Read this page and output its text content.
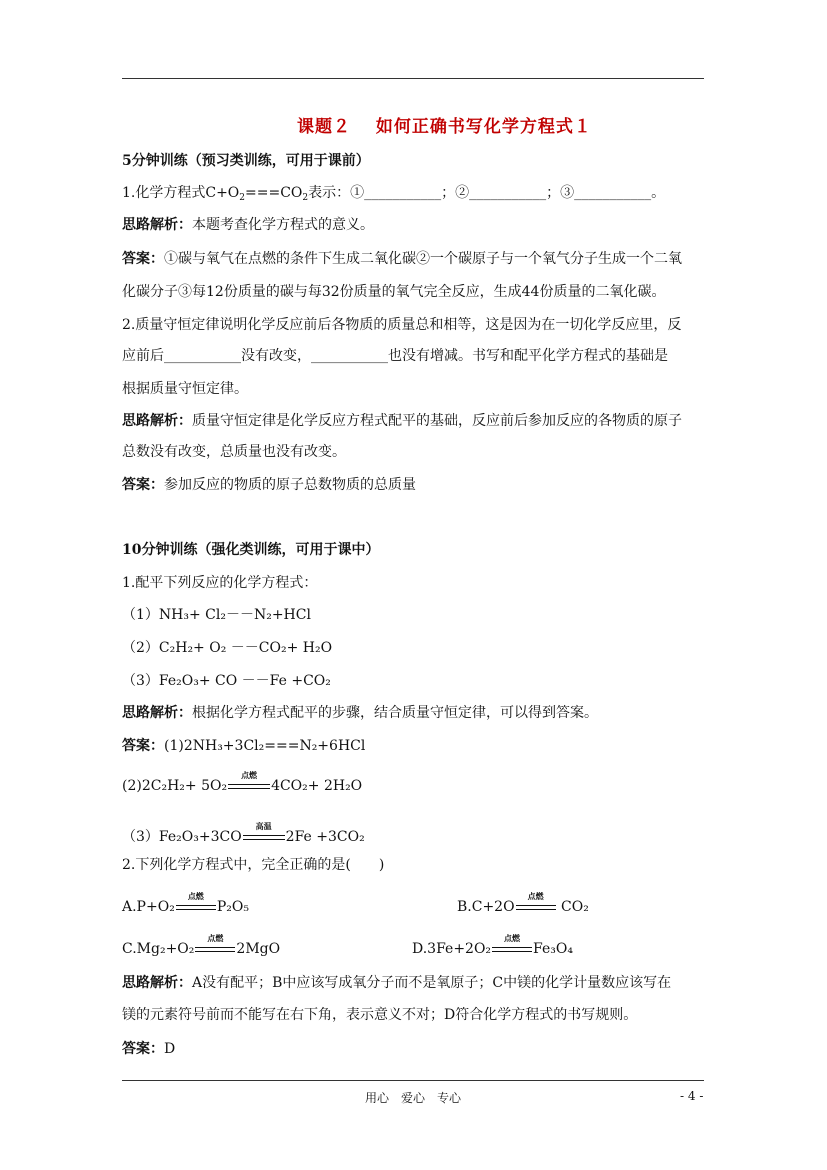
课题２　 如何正确书写化学方程式１
5分钟训练（预习类训练，可用于课前）
1.化学方程式$C+O_2===CO_2$表示：①___________；②___________；③___________。
思路解析：本题考查化学方程式的意义。
答案：①碳与氧气在点燃的条件下生成二氧化碳②一个碳原子与一个氧气分子生成一个二氧
化碳分子③每12份质量的碳与每32份质量的氧气完全反应，生成44份质量的二氧化碳。
2.质量守恒定律说明化学反应前后各物质的质量总和相等，这是因为在一切化学反应里，反
应前后___________没有改变，___________也没有增减。书写和配平化学方程式的基础是
根据质量守恒定律。
思路解析：质量守恒定律是化学反应方程式配平的基础，反应前后参加反应的各物质的原子
总数没有改变，总质量也没有改变。
答案：参加反应的物质的原子总数物质的总质量
10分钟训练（强化类训练，可用于课中）
1.配平下列反应的化学方程式：
（1）NH₃+ Cl₂－－N₂+HCl
（2）C₂H₂+ O₂ －－CO₂+ H₂O
（3）Fe₂O₃+ CO －－Fe +CO₂
思路解析：根据化学方程式配平的步骤，结合质量守恒定律，可以得到答案。
答案：(1)2NH₃+3Cl₂===N₂+6HCl
(2)2C₂H₂+ 5O₂
点燃
4CO₂+ 2H₂O
（3）Fe₂O₃+3CO
高温
2Fe +3CO₂
2.下列化学方程式中，完全正确的是(　　)
A.P+O₂
点燃
P₂O₅	B.C+2O
点燃
CO₂
C.Mg₂+O₂
点燃
2MgO	D.3Fe+2O₂
点燃
Fe₃O₄
思路解析：A没有配平；B中应该写成氧分子而不是氧原子；C中镁的化学计量数应该写在
镁的元素符号前而不能写在右下角，表示意义不对；D符合化学方程式的书写规则。
答案：D
用心　爱心　专心	- 4 -
